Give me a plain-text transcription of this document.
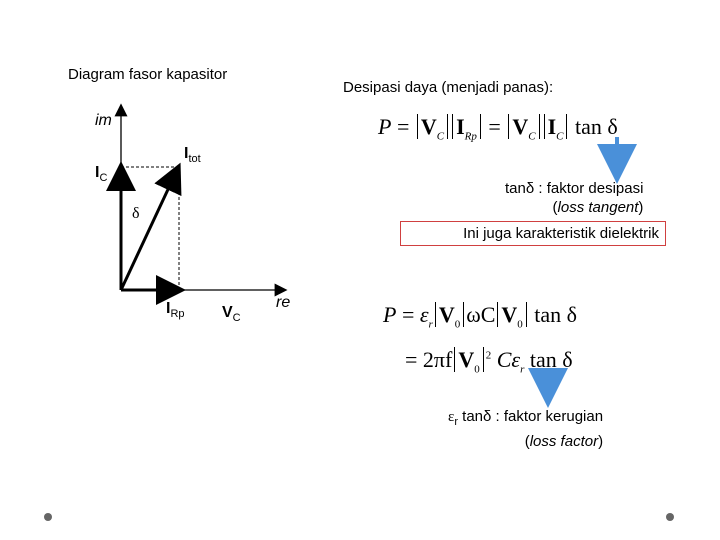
Diagram fasor kapasitor
im
$I_{tot}$
$I_C$
δ
$I_{Rp}$ $V_C$
re
Desipasi daya (menjadi panas):
$P = V_C$ $I_{Rp} = V_C$ $I_C$ tan δ
tanδ : faktor desipasi
(loss tangent)
Ini juga karakteristik dielektrik
$P = \varepsilon_r$ $V_0$ ωC $V_0$ tan δ
= 2πf $V_0^2$ $C\varepsilon_r$ tan δ
$\varepsilon_r$ tanδ : faktor kerugian
(loss factor)
